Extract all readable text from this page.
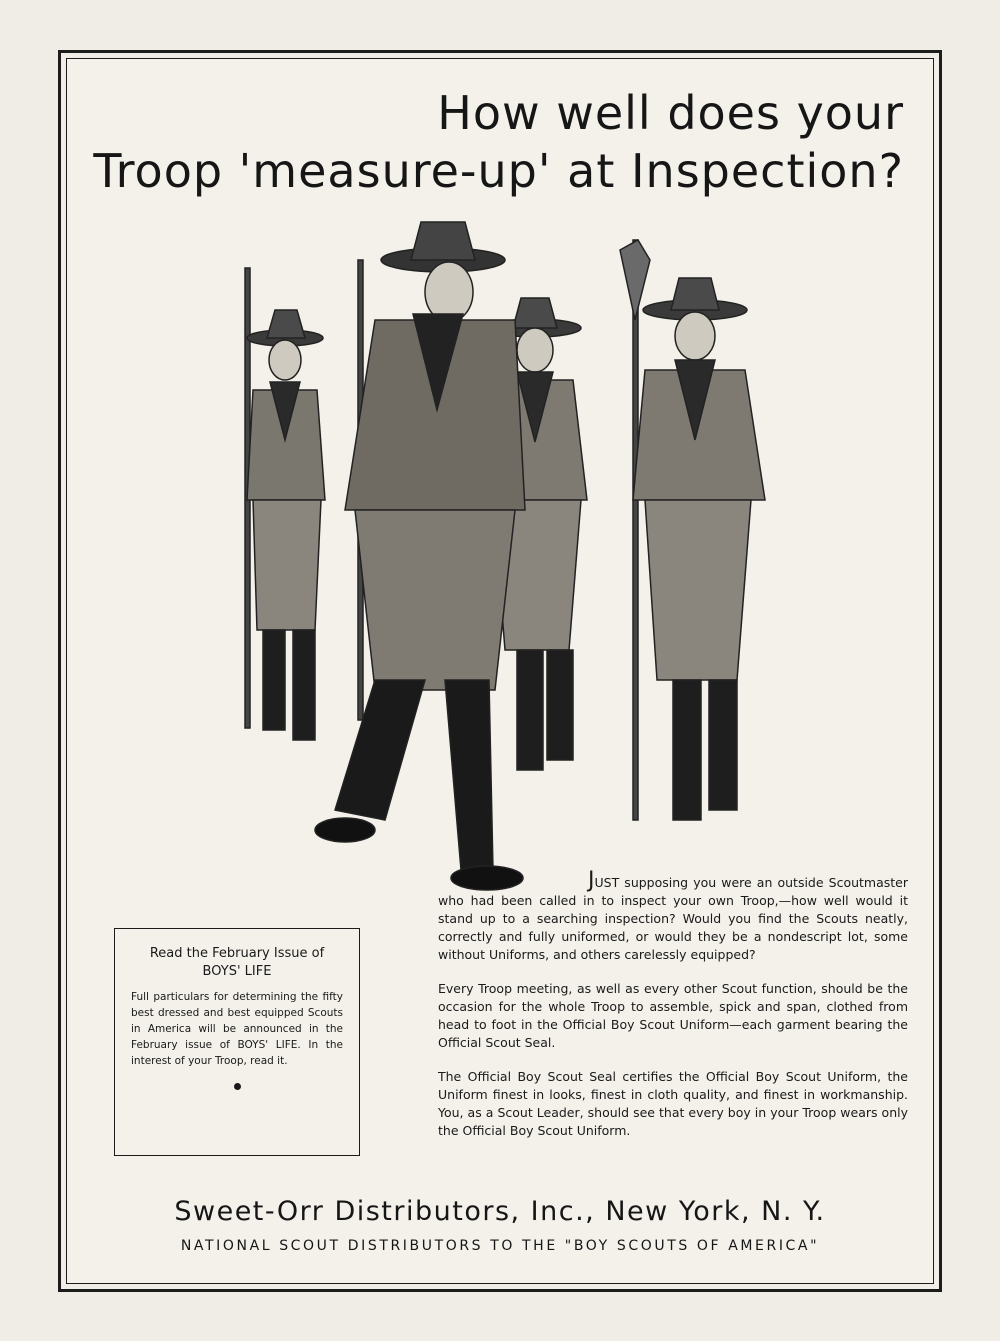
How well does your
Troop 'measure-up' at Inspection?
Read the February Issue of
BOYS' LIFE
Full particulars for determining the fifty best dressed and best equipped Scouts in America will be announced in the February issue of BOYS' LIFE. In the interest of your Troop, read it.

JUST supposing you were an outside Scoutmaster who had been called in to inspect your own Troop,—how well would it stand up to a searching inspection? Would you find the Scouts neatly, correctly and fully uniformed, or would they be a nondescript lot, some without Uniforms, and others carelessly equipped?

Every Troop meeting, as well as every other Scout function, should be the occasion for the whole Troop to assemble, spick and span, clothed from head to foot in the Official Boy Scout Uniform—each garment bearing the Official Scout Seal.

The Official Boy Scout Seal certifies the Official Boy Scout Uniform, the Uniform finest in looks, finest in cloth quality, and finest in workmanship. You, as a Scout Leader, should see that every boy in your Troop wears only the Official Boy Scout Uniform.

Sweet-Orr Distributors, Inc., New York, N. Y.
NATIONAL SCOUT DISTRIBUTORS TO THE "BOY SCOUTS OF AMERICA"
